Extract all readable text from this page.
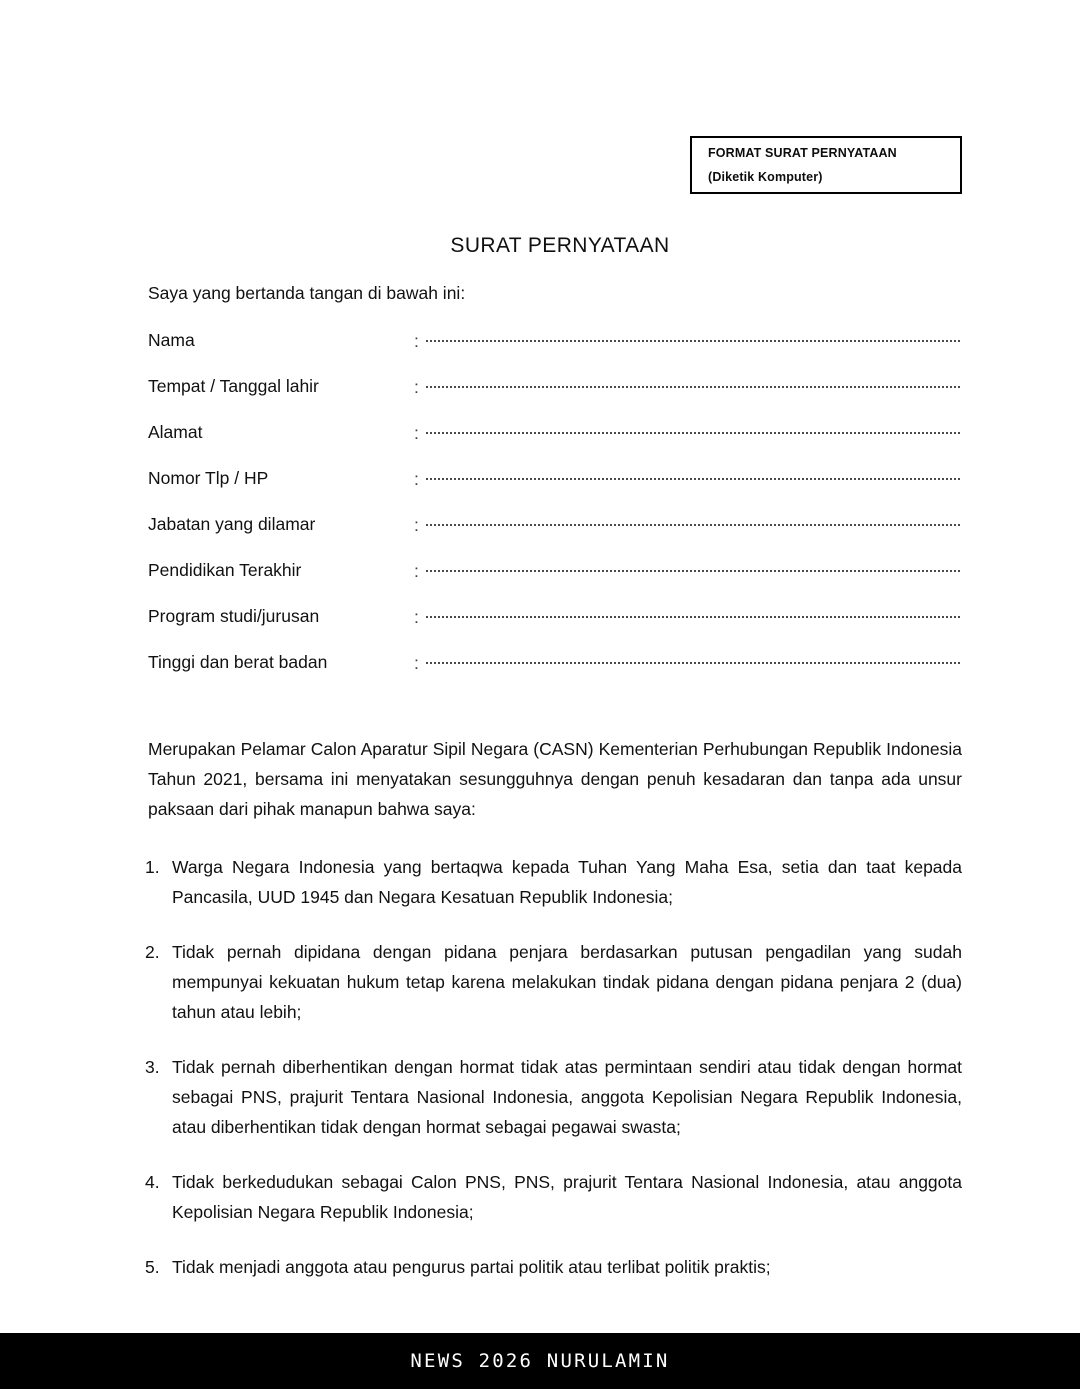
FORMAT SURAT PERNYATAAN
(Diketik Komputer)
SURAT PERNYATAAN
Saya yang bertanda tangan di bawah ini:
Nama	:
Tempat / Tanggal lahir	:
Alamat	:
Nomor Tlp / HP	:
Jabatan yang dilamar	:
Pendidikan Terakhir	:
Program studi/jurusan	:
Tinggi dan berat badan	:
Merupakan Pelamar Calon Aparatur Sipil Negara (CASN) Kementerian Perhubungan Republik Indonesia Tahun 2021, bersama ini menyatakan sesungguhnya dengan penuh kesadaran dan tanpa ada unsur paksaan dari pihak manapun bahwa saya:
1. Warga Negara Indonesia yang bertaqwa kepada Tuhan Yang Maha Esa, setia dan taat kepada Pancasila, UUD 1945 dan Negara Kesatuan Republik Indonesia;
2. Tidak pernah dipidana dengan pidana penjara berdasarkan putusan pengadilan yang sudah mempunyai kekuatan hukum tetap karena melakukan tindak pidana dengan pidana penjara 2 (dua) tahun atau lebih;
3. Tidak pernah diberhentikan dengan hormat tidak atas permintaan sendiri atau tidak dengan hormat sebagai PNS, prajurit Tentara Nasional Indonesia, anggota Kepolisian Negara Republik Indonesia, atau diberhentikan tidak dengan hormat sebagai pegawai swasta;
4. Tidak berkedudukan sebagai Calon PNS, PNS, prajurit Tentara Nasional Indonesia, atau anggota Kepolisian Negara Republik Indonesia;
5. Tidak menjadi anggota atau pengurus partai politik atau terlibat politik praktis;
NEWS 2026 NURULAMIN
